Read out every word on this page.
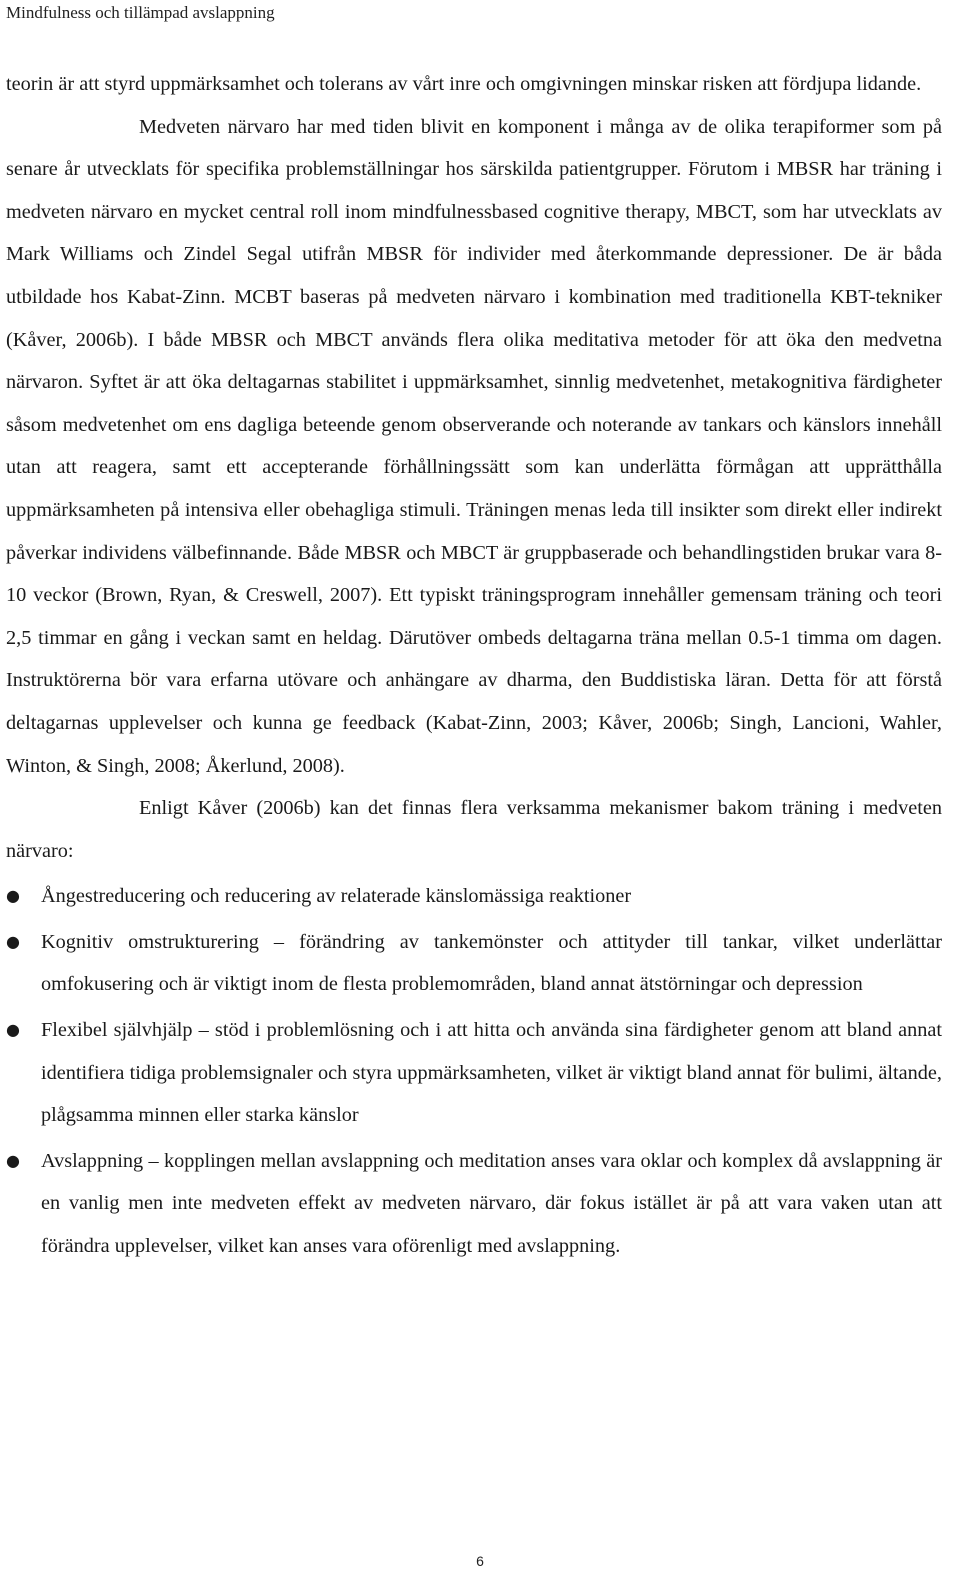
Mindfulness och tillämpad avslappning

teorin är att styrd uppmärksamhet och tolerans av vårt inre och omgivningen minskar risken att fördjupa lidande.

Medveten närvaro har med tiden blivit en komponent i många av de olika terapiformer som på senare år utvecklats för specifika problemställningar hos särskilda patientgrupper. Förutom i MBSR har träning i medveten närvaro en mycket central roll inom mindfulnessbased cognitive therapy, MBCT, som har utvecklats av Mark Williams och Zindel Segal utifrån MBSR för individer med återkommande depressioner. De är båda utbildade hos Kabat-Zinn. MCBT baseras på medveten närvaro i kombination med traditionella KBT-tekniker (Kåver, 2006b). I både MBSR och MBCT används flera olika meditativa metoder för att öka den medvetna närvaron. Syftet är att öka deltagarnas stabilitet i uppmärksamhet, sinnlig medvetenhet, metakognitiva färdigheter såsom medvetenhet om ens dagliga beteende genom observerande och noterande av tankars och känslors innehåll utan att reagera, samt ett accepterande förhållningssätt som kan underlätta förmågan att upprätthålla uppmärksamheten på intensiva eller obehagliga stimuli. Träningen menas leda till insikter som direkt eller indirekt påverkar individens välbefinnande. Både MBSR och MBCT är gruppbaserade och behandlingstiden brukar vara 8-10 veckor (Brown, Ryan, & Creswell, 2007). Ett typiskt träningsprogram innehåller gemensam träning och teori 2,5 timmar en gång i veckan samt en heldag. Därutöver ombeds deltagarna träna mellan 0.5-1 timma om dagen. Instruktörerna bör vara erfarna utövare och anhängare av dharma, den Buddistiska läran. Detta för att förstå deltagarnas upplevelser och kunna ge feedback (Kabat-Zinn, 2003; Kåver, 2006b; Singh, Lancioni, Wahler, Winton, & Singh, 2008; Åkerlund, 2008).

Enligt Kåver (2006b) kan det finnas flera verksamma mekanismer bakom träning i medveten närvaro:

●	Ångestreducering och reducering av relaterade känslomässiga reaktioner
●	Kognitiv omstrukturering – förändring av tankemönster och attityder till tankar, vilket underlättar omfokusering och är viktigt inom de flesta problemområden, bland annat ätstörningar och depression
●	Flexibel självhjälp – stöd i problemlösning och i att hitta och använda sina färdigheter genom att bland annat identifiera tidiga problemsignaler och styra uppmärksamheten, vilket är viktigt bland annat för bulimi, ältande, plågsamma minnen eller starka känslor
●	Avslappning – kopplingen mellan avslappning och meditation anses vara oklar och komplex då avslappning är en vanlig men inte medveten effekt av medveten närvaro, där fokus istället är på att vara vaken utan att förändra upplevelser, vilket kan anses vara oförenligt med avslappning.
6
